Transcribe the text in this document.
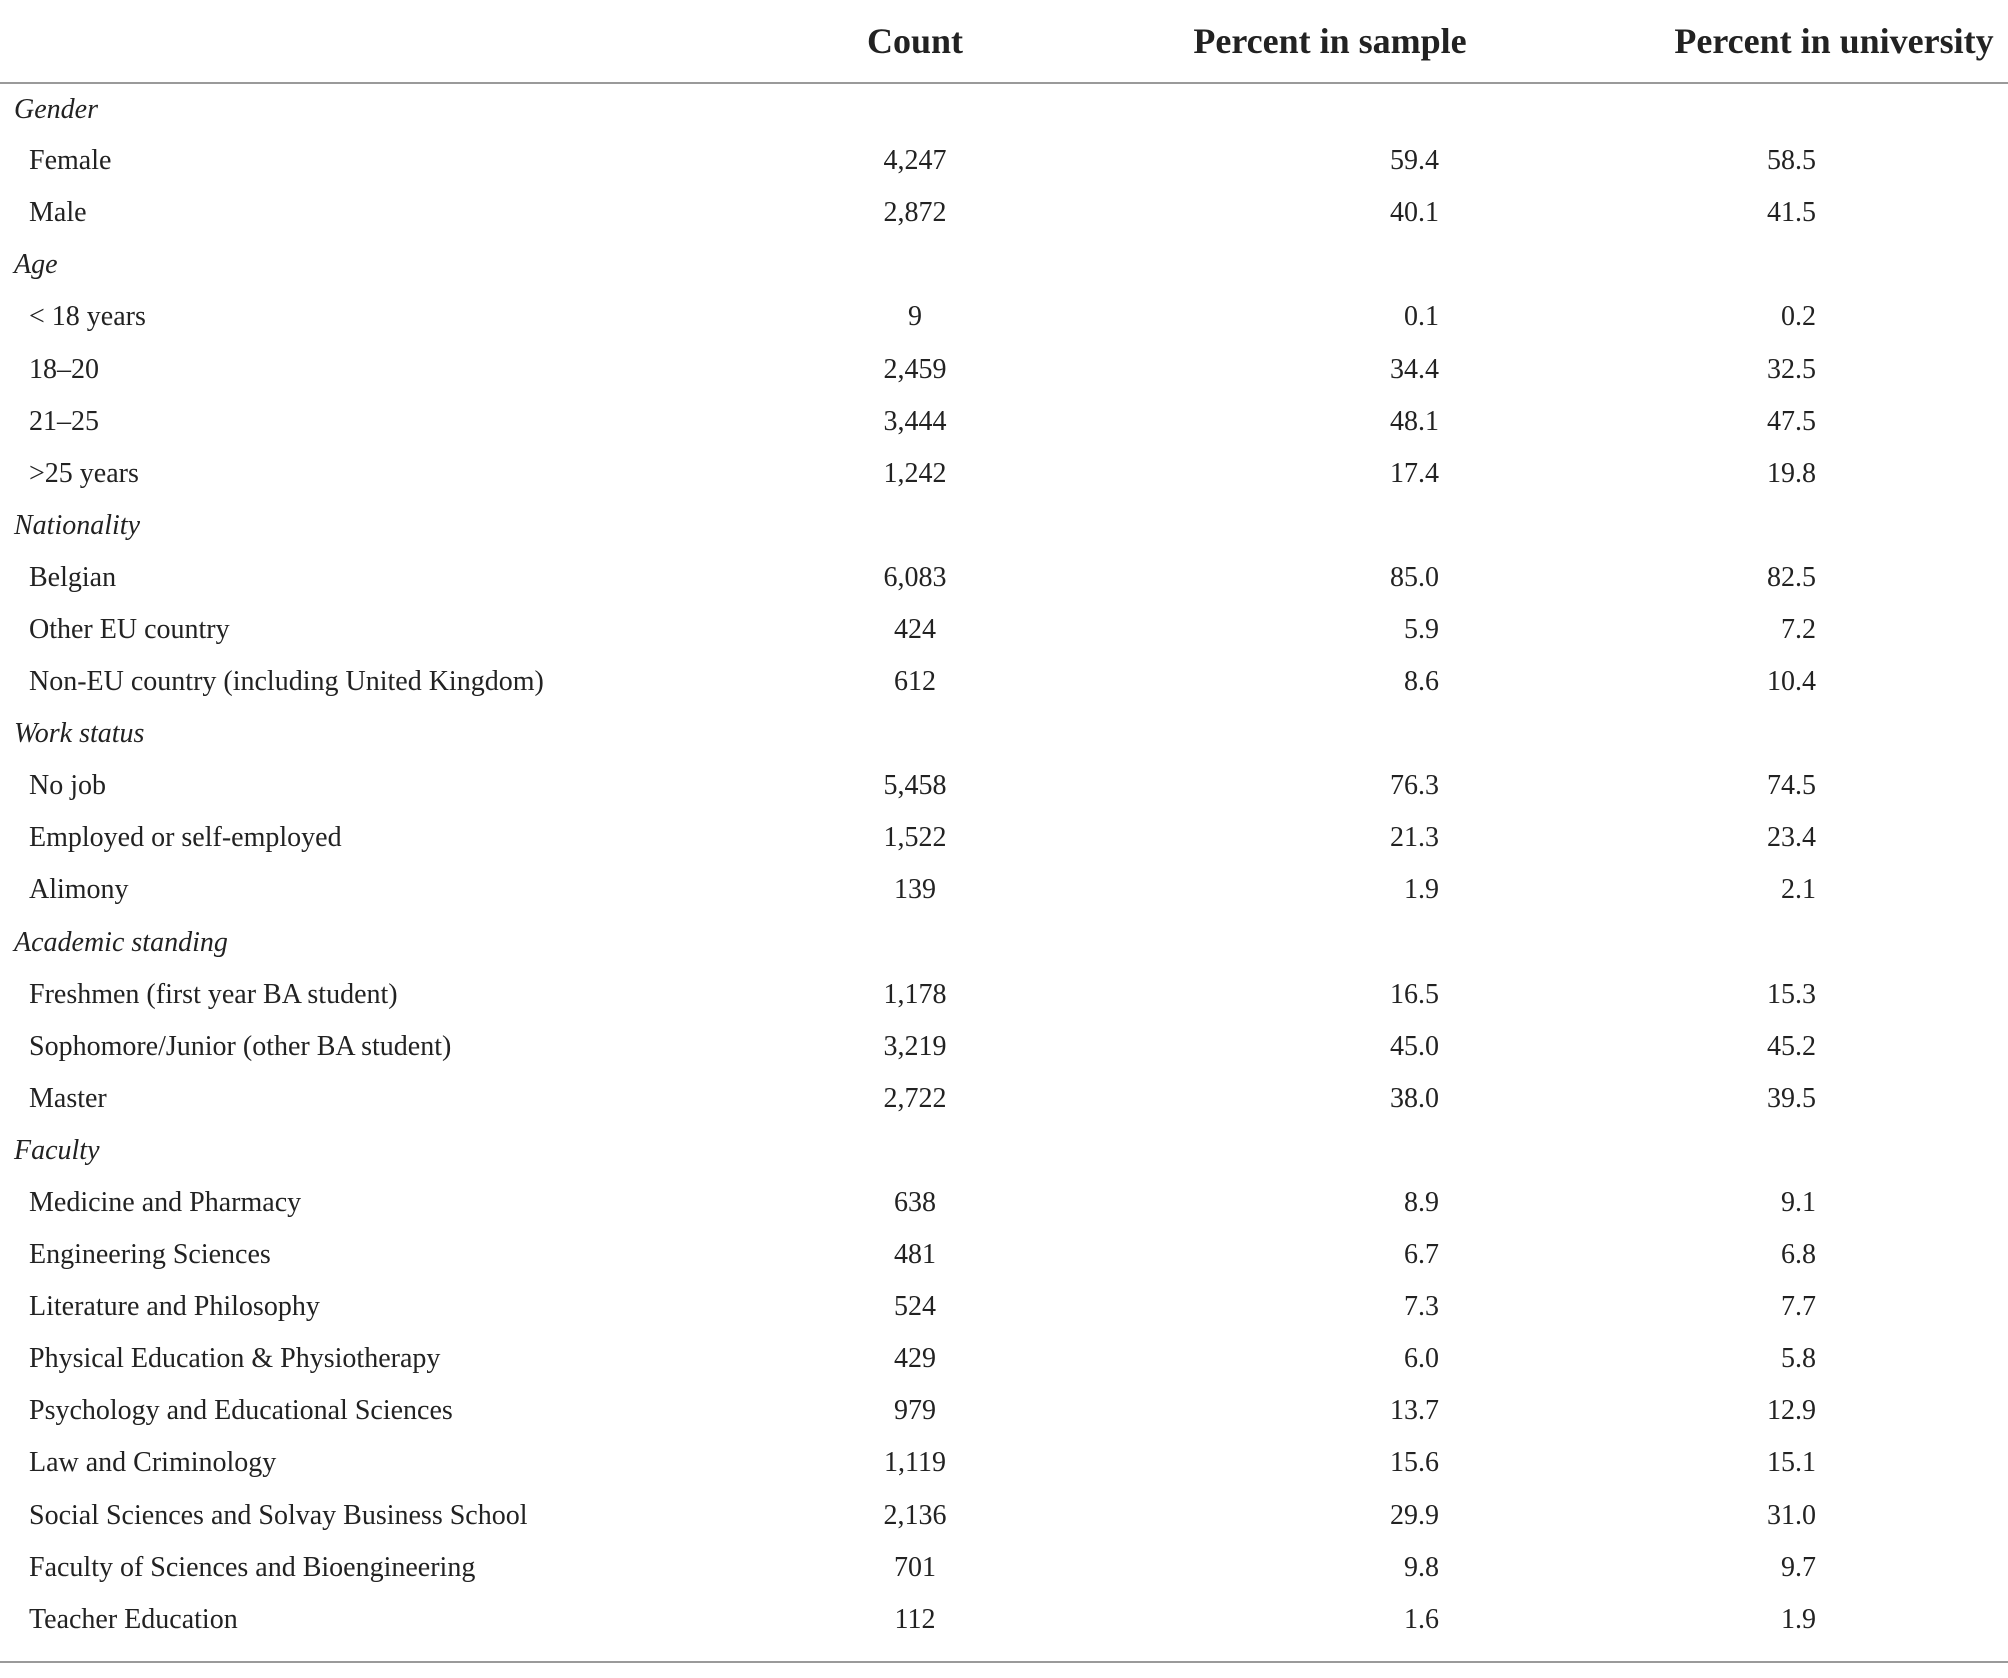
	Count	Percent in sample	Percent in university
Gender			
Female	4,247	59.4	58.5
Male	2,872	40.1	41.5
Age			
< 18 years	9	0.1	0.2
18–20	2,459	34.4	32.5
21–25	3,444	48.1	47.5
>25 years	1,242	17.4	19.8
Nationality			
Belgian	6,083	85.0	82.5
Other EU country	424	5.9	7.2
Non-EU country (including United Kingdom)	612	8.6	10.4
Work status			
No job	5,458	76.3	74.5
Employed or self-employed	1,522	21.3	23.4
Alimony	139	1.9	2.1
Academic standing			
Freshmen (first year BA student)	1,178	16.5	15.3
Sophomore/Junior (other BA student)	3,219	45.0	45.2
Master	2,722	38.0	39.5
Faculty			
Medicine and Pharmacy	638	8.9	9.1
Engineering Sciences	481	6.7	6.8
Literature and Philosophy	524	7.3	7.7
Physical Education & Physiotherapy	429	6.0	5.8
Psychology and Educational Sciences	979	13.7	12.9
Law and Criminology	1,119	15.6	15.1
Social Sciences and Solvay Business School	2,136	29.9	31.0
Faculty of Sciences and Bioengineering	701	9.8	9.7
Teacher Education	112	1.6	1.9
